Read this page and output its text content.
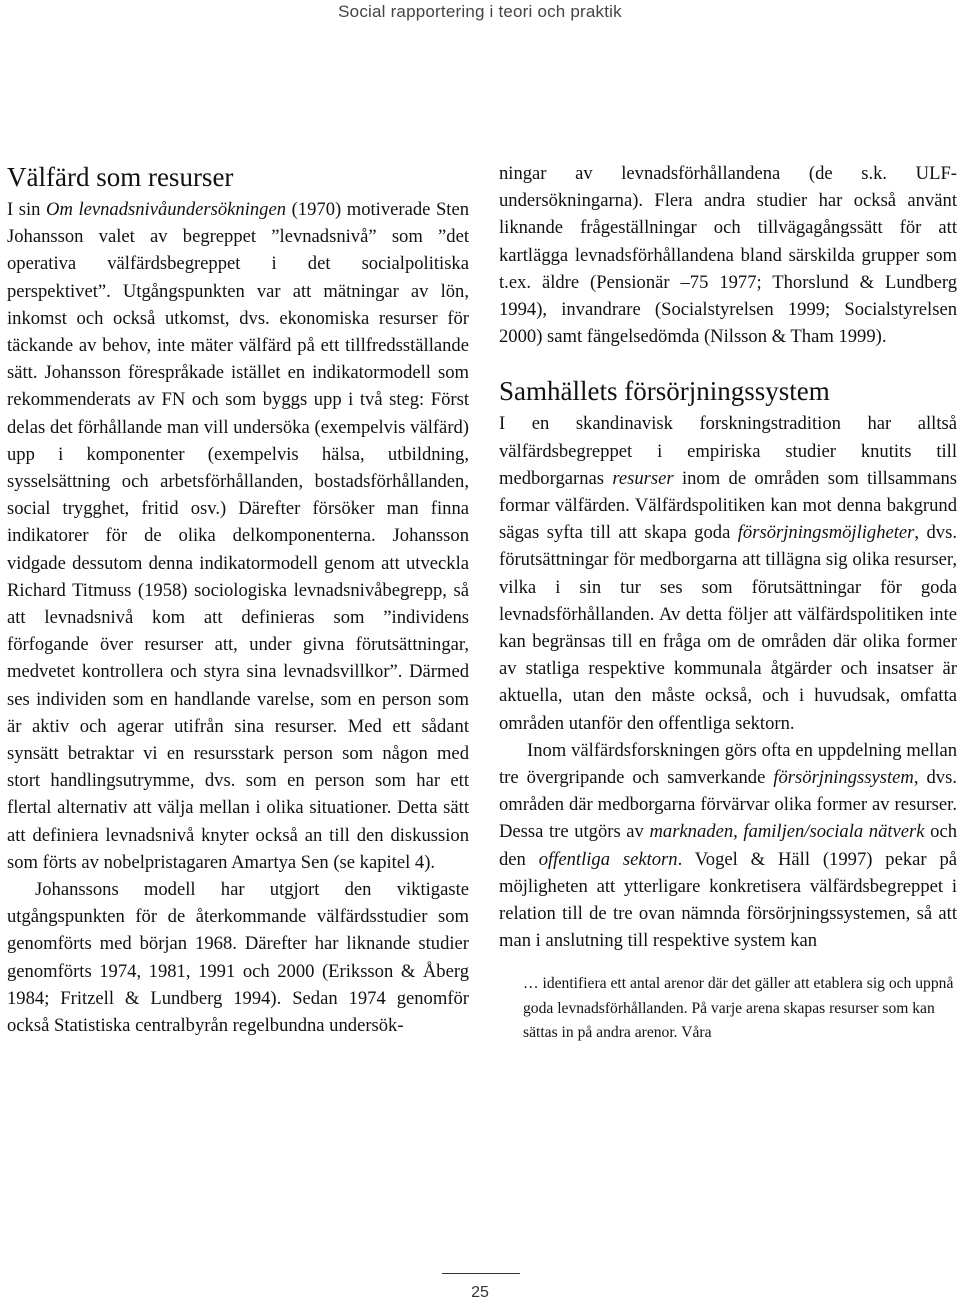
Social rapportering i teori och praktik
Välfärd som resurser

I sin Om levnadsnivåundersökningen (1970) motiverade Sten Johansson valet av begreppet ”levnadsnivå” som ”det operativa välfärdsbegreppet i det socialpolitiska perspektivet”. Utgångspunkten var att mätningar av lön, inkomst och också utkomst, dvs. ekonomiska resurser för täckande av behov, inte mäter välfärd på ett tillfredsställande sätt. Johansson förespråkade istället en indikatormodell som rekommenderats av FN och som byggs upp i två steg: Först delas det förhållande man vill undersöka (exempelvis välfärd) upp i komponenter (exempelvis hälsa, utbildning, sysselsättning och arbetsförhållanden, bostadsförhållanden, social trygghet, fritid osv.) Därefter försöker man finna indikatorer för de olika delkomponenterna. Johansson vidgade dessutom denna indikatormodell genom att utveckla Richard Titmuss (1958) sociologiska levnadsnivåbegrepp, så att levnadsnivå kom att definieras som ”individens förfogande över resurser att, under givna förutsättningar, medvetet kontrollera och styra sina levnadsvillkor”. Därmed ses individen som en handlande varelse, som en person som är aktiv och agerar utifrån sina resurser. Med ett sådant synsätt betraktar vi en resursstark person som någon med stort handlingsutrymme, dvs. som en person som har ett flertal alternativ att välja mellan i olika situationer. Detta sätt att definiera levnadsnivå knyter också an till den diskussion som förts av nobelpristagaren Amartya Sen (se kapitel 4).

Johanssons modell har utgjort den viktigaste utgångspunkten för de återkommande välfärdsstudier som genomförts med början 1968. Därefter har liknande studier genomförts 1974, 1981, 1991 och 2000 (Eriksson & Åberg 1984; Fritzell & Lundberg 1994). Sedan 1974 genomför också Statistiska centralbyrån regelbundna undersök-

ningar av levnadsförhållandena (de s.k. ULF-undersökningarna). Flera andra studier har också använt liknande frågeställningar och tillvägagångssätt för att kartlägga levnadsförhållandena bland särskilda grupper som t.ex. äldre (Pensionär –75 1977; Thorslund & Lundberg 1994), invandrare (Socialstyrelsen 1999; Socialstyrelsen 2000) samt fängelsedömda (Nilsson & Tham 1999).

Samhällets försörjningssystem

I en skandinavisk forskningstradition har alltså välfärdsbegreppet i empiriska studier knutits till medborgarnas resurser inom de områden som tillsammans formar välfärden. Välfärdspolitiken kan mot denna bakgrund sägas syfta till att skapa goda försörjningsmöjligheter, dvs. förutsättningar för medborgarna att tillägna sig olika resurser, vilka i sin tur ses som förutsättningar för goda levnadsförhållanden. Av detta följer att välfärdspolitiken inte kan begränsas till en fråga om de områden där olika former av statliga respektive kommunala åtgärder och insatser är aktuella, utan den måste också, och i huvudsak, omfatta områden utanför den offentliga sektorn.

Inom välfärdsforskningen görs ofta en uppdelning mellan tre övergripande och samverkande försörjningssystem, dvs. områden där medborgarna förvärvar olika former av resurser. Dessa tre utgörs av marknaden, familjen/sociala nätverk och den offentliga sektorn. Vogel & Häll (1997) pekar på möjligheten att ytterligare konkretisera välfärdsbegreppet i relation till de tre ovan nämnda försörjningssystemen, så att man i anslutning till respektive system kan

… identifiera ett antal arenor där det gäller att etablera sig och uppnå goda levnadsförhållanden. På varje arena skapas resurser som kan sättas in på andra arenor. Våra

25
